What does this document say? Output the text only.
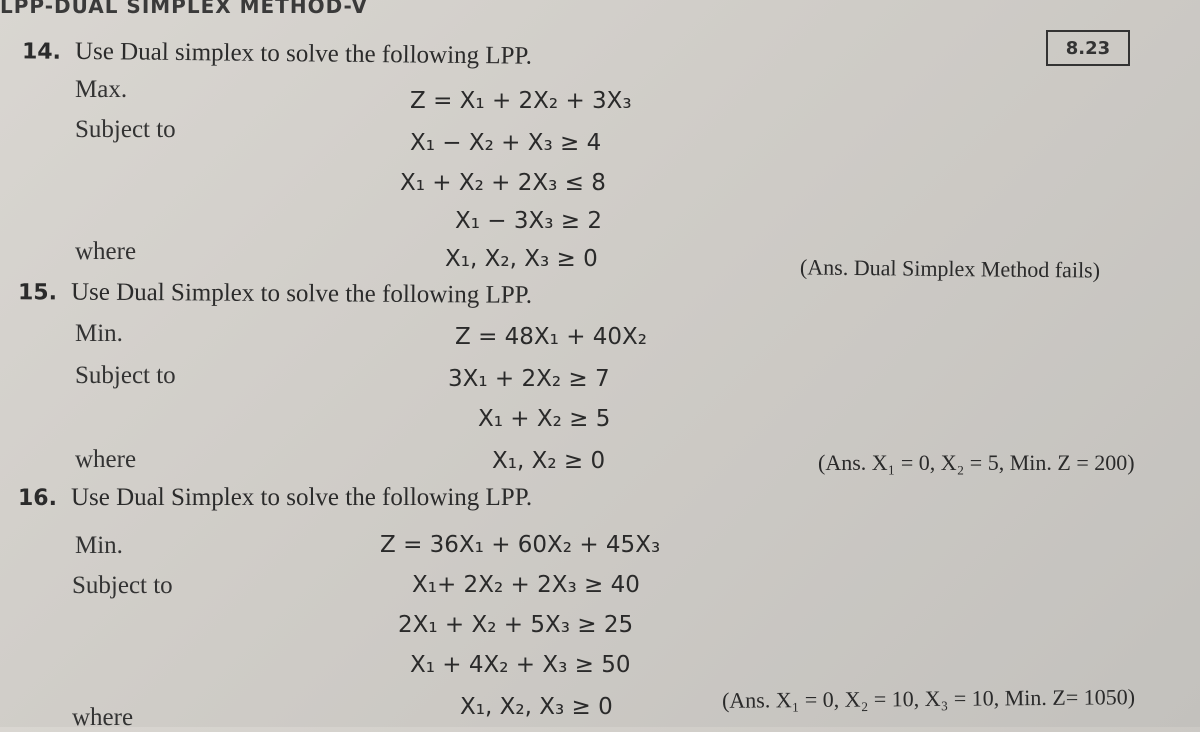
LPP-DUAL SIMPLEX METHOD-V
8.23
14. Use Dual simplex to solve the following LPP.
Max.	Z = X₁ + 2X₂ + 3X₃
Subject to	X₁ − X₂ + X₃ ≥ 4
X₁ + X₂ + 2X₃ ≤ 8
X₁ − 3X₃ ≥ 2
where	X₁, X₂, X₃ ≥ 0	(Ans. Dual Simplex Method fails)
15. Use Dual Simplex to solve the following LPP.
Min.	Z = 48X₁ + 40X₂
Subject to	3X₁ + 2X₂ ≥ 7
X₁ + X₂ ≥ 5
where	X₁, X₂ ≥ 0	(Ans. X₁ = 0, X₂ = 5, Min. Z = 200)
16. Use Dual Simplex to solve the following LPP.
Min.	Z = 36X₁ + 60X₂ + 45X₃
Subject to	X₁+ 2X₂ + 2X₃ ≥ 40
2X₁ + X₂ + 5X₃ ≥ 25
X₁ + 4X₂ + X₃ ≥ 50
where	X₁, X₂, X₃ ≥ 0	(Ans. X₁ = 0, X₂ = 10, X₃ = 10, Min. Z= 1050)
